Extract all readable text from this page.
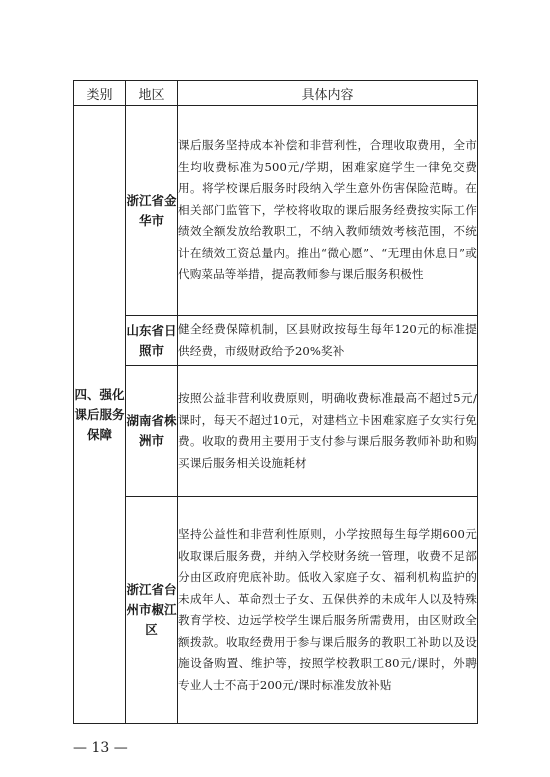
类别	地区	具体内容
四、强化课后服务保障	浙江省金华市	课后服务坚持成本补偿和非营利性，合理收取费用，全市生均收费标准为500元/学期，困难家庭学生一律免交费用。将学校课后服务时段纳入学生意外伤害保险范畴。在相关部门监管下，学校将收取的课后服务经费按实际工作绩效全额发放给教职工，不纳入教师绩效考核范围，不统计在绩效工资总量内。推出“微心愿”、“无理由休息日”或代购菜品等举措，提高教师参与课后服务积极性
	山东省日照市	健全经费保障机制，区县财政按每生每年120元的标准提供经费，市级财政给予20%奖补
	湖南省株洲市	按照公益非营利收费原则，明确收费标准最高不超过5元/课时，每天不超过10元，对建档立卡困难家庭子女实行免费。收取的费用主要用于支付参与课后服务教师补助和购买课后服务相关设施耗材
	浙江省台州市椒江区	坚持公益性和非营利性原则，小学按照每生每学期600元收取课后服务费，并纳入学校财务统一管理，收费不足部分由区政府兜底补助。低收入家庭子女、福利机构监护的未成年人、革命烈士子女、五保供养的未成年人以及特殊教育学校、边远学校学生课后服务所需费用，由区财政全额拨款。收取经费用于参与课后服务的教职工补助以及设施设备购置、维护等，按照学校教职工80元/课时，外聘专业人士不高于200元/课时标准发放补贴
— 13 —
